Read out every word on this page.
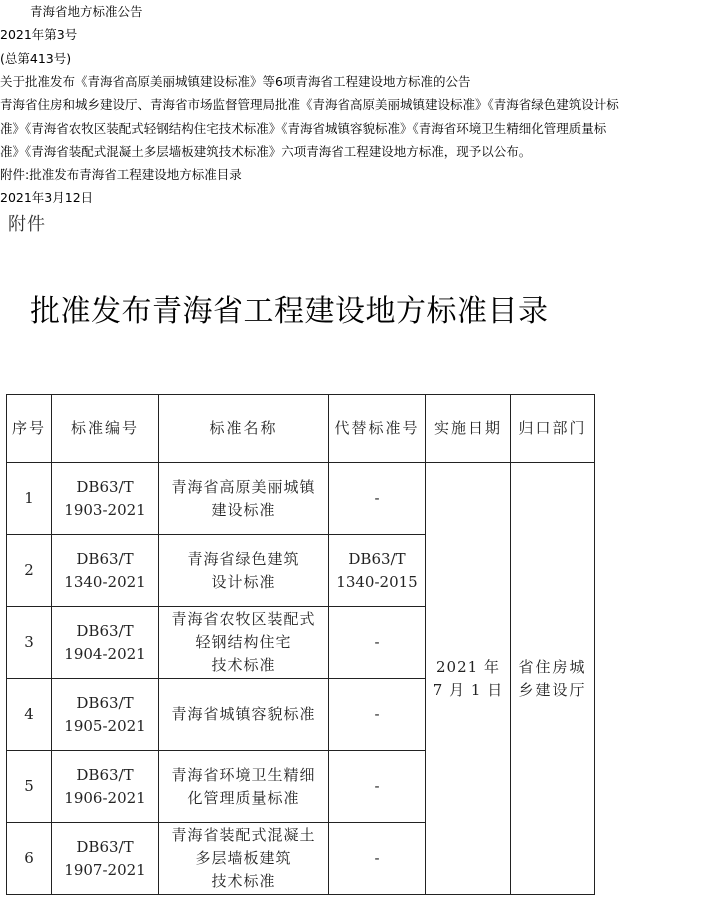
青海省地方标准公告
2021年第3号
(总第413号)
关于批准发布《青海省高原美丽城镇建设标准》等6项青海省工程建设地方标准的公告
青海省住房和城乡建设厅、青海省市场监督管理局批准《青海省高原美丽城镇建设标准》《青海省绿色建筑设计标
准》《青海省农牧区装配式轻钢结构住宅技术标准》《青海省城镇容貌标准》《青海省环境卫生精细化管理质量标
准》《青海省装配式混凝土多层墙板建筑技术标准》六项青海省工程建设地方标准，现予以公布。
附件:批准发布青海省工程建设地方标准目录
2021年3月12日
附件
批准发布青海省工程建设地方标准目录
序号	标准编号	标准名称	代替标准号	实施日期	归口部门
1	DB63/T
1903-2021	青海省高原美丽城镇
建设标准	-	2021 年
7 月 1 日	省住房城
乡建设厅

2	DB63/T
1340-2021	青海省绿色建筑
设计标准	DB63/T
1340-2015		

3	DB63/T
1904-2021	青海省农牧区装配式
轻钢结构住宅
技术标准	-		

4	DB63/T
1905-2021	青海省城镇容貌标准	-		

5	DB63/T
1906-2021	青海省环境卫生精细
化管理质量标准	-		

6	DB63/T
1907-2021	青海省装配式混凝土
多层墙板建筑
技术标准	-		
